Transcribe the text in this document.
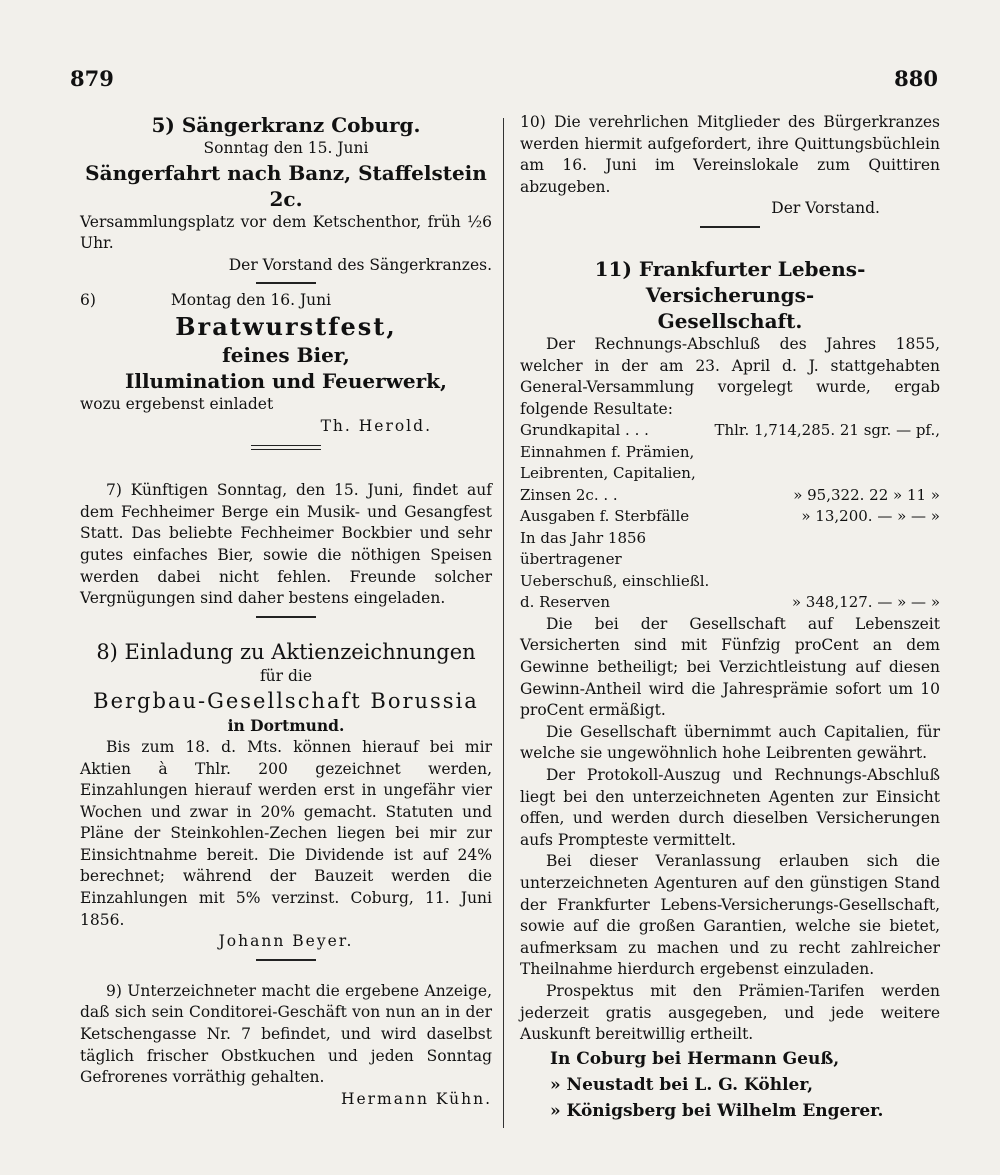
879	880

5) Sängerkranz Coburg.

Sonntag den 15. Juni

Sängerfahrt nach Banz, Staffelstein 2c.

Versammlungsplatz vor dem Ketschenthor, früh ½6 Uhr.

Der Vorstand des Sängerkranzes.

6)	Montag den 16. Juni

Bratwurstfest,

feines Bier,

Illumination und Feuerwerk,

wozu ergebenst einladet

Th. Herold.

7) Künftigen Sonntag, den 15. Juni, findet auf dem Fechheimer Berge ein Musik- und Gesangfest Statt. Das beliebte Fechheimer Bockbier und sehr gutes einfaches Bier, sowie die nöthigen Speisen werden dabei nicht fehlen. Freunde solcher Vergnügungen sind daher bestens eingeladen.

8) Einladung zu Aktienzeichnungen

für die

Bergbau-Gesellschaft Borussia

in Dortmund.

Bis zum 18. d. Mts. können hierauf bei mir Aktien à Thlr. 200 gezeichnet werden, Einzahlungen hierauf werden erst in ungefähr vier Wochen und zwar in 20% gemacht. Statuten und Pläne der Steinkohlen-Zechen liegen bei mir zur Einsichtnahme bereit. Die Dividende ist auf 24% berechnet; während der Bauzeit werden die Einzahlungen mit 5% verzinst. Coburg, 11. Juni 1856.

Johann Beyer.

9) Unterzeichneter macht die ergebene Anzeige, daß sich sein Conditorei-Geschäft von nun an in der Ketschengasse Nr. 7 befindet, und wird daselbst täglich frischer Obstkuchen und jeden Sonntag Gefrorenes vorräthig gehalten.

Hermann Kühn.

10) Die verehrlichen Mitglieder des Bürgerkranzes werden hiermit aufgefordert, ihre Quittungsbüchlein am 16. Juni im Vereinslokale zum Quittiren abzugeben.

Der Vorstand.

11) Frankfurter Lebens-Versicherungs-

Gesellschaft.

Der Rechnungs-Abschluß des Jahres 1855, welcher in der am 23. April d. J. stattgehabten General-Versammlung vorgelegt wurde, ergab folgende Resultate:

Grundkapital . . .	Thlr. 1,714,285. 21 sgr. — pf.,
Einnahmen f. Prämien, Leibrenten, Capitalien, Zinsen 2c. . .	» 95,322. 22 » 11 »
Ausgaben f. Sterbfälle	» 13,200. — » — »
In das Jahr 1856 übertragener Ueberschuß, einschließl. d. Reserven	» 348,127. — » — »

Die bei der Gesellschaft auf Lebenszeit Versicherten sind mit Fünfzig proCent an dem Gewinne betheiligt; bei Verzichtleistung auf diesen Gewinn-Antheil wird die Jahresprämie sofort um 10 proCent ermäßigt.

Die Gesellschaft übernimmt auch Capitalien, für welche sie ungewöhnlich hohe Leibrenten gewährt.

Der Protokoll-Auszug und Rechnungs-Abschluß liegt bei den unterzeichneten Agenten zur Einsicht offen, und werden durch dieselben Versicherungen aufs Prompteste vermittelt.

Bei dieser Veranlassung erlauben sich die unterzeichneten Agenturen auf den günstigen Stand der Frankfurter Lebens-Versicherungs-Gesellschaft, sowie auf die großen Garantien, welche sie bietet, aufmerksam zu machen und zu recht zahlreicher Theilnahme hierdurch ergebenst einzuladen.

Prospektus mit den Prämien-Tarifen werden jederzeit gratis ausgegeben, und jede weitere Auskunft bereitwillig ertheilt.

In Coburg bei Hermann Geuß,

» Neustadt bei L. G. Köhler,

» Königsberg bei Wilhelm Engerer.
